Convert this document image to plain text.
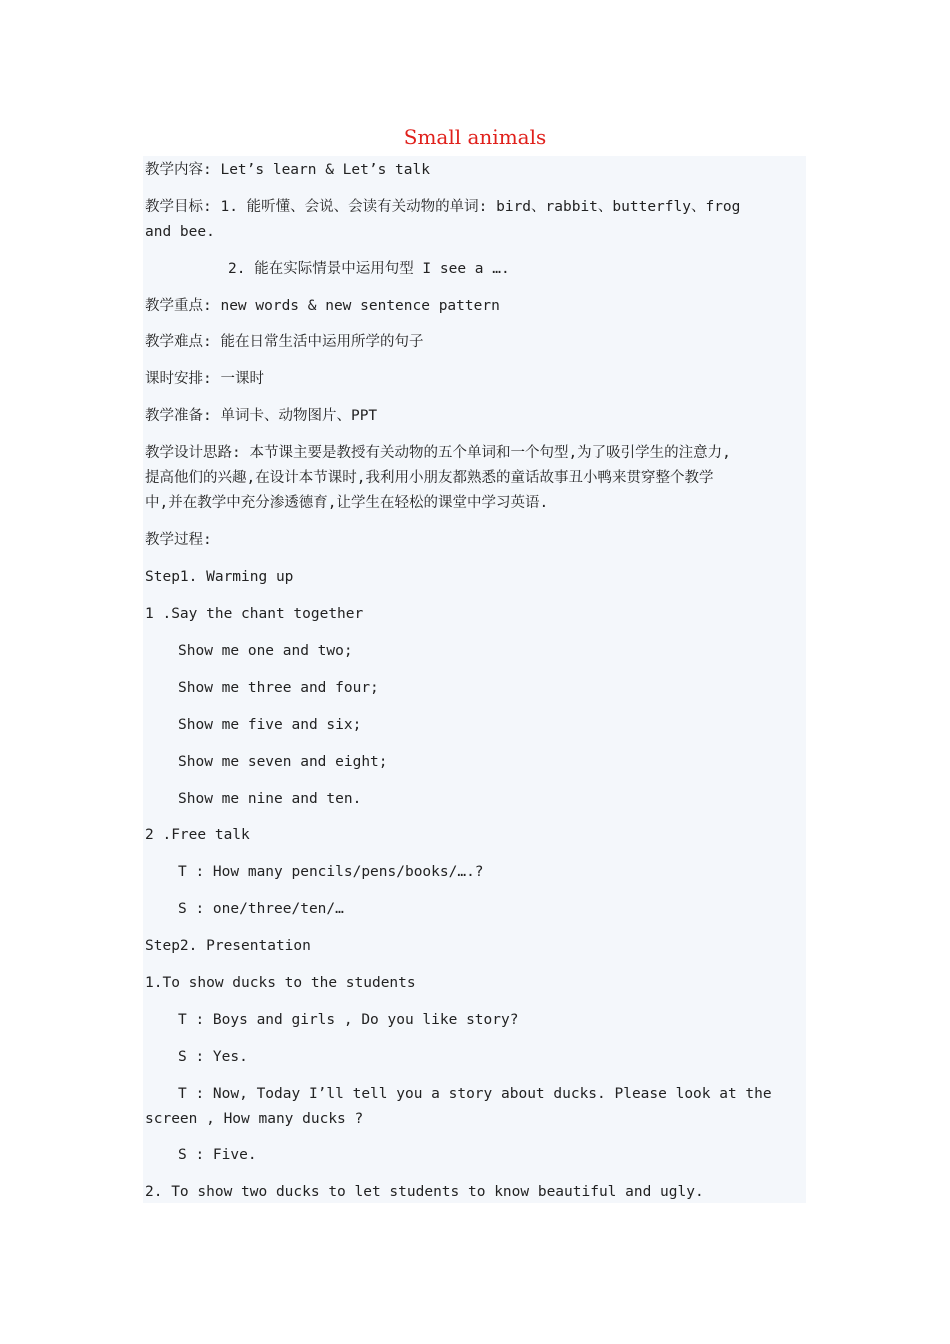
Small animals
教学内容: Let’s learn & Let’s talk
教学目标: 1. 能听懂、会说、会读有关动物的单词: bird、rabbit、butterfly、frog
and bee.
2. 能在实际情景中运用句型 I see a ….
教学重点: new words & new sentence pattern
教学难点: 能在日常生活中运用所学的句子
课时安排: 一课时
教学准备: 单词卡、动物图片、PPT
教学设计思路: 本节课主要是教授有关动物的五个单词和一个句型,为了吸引学生的注意力,
提高他们的兴趣,在设计本节课时,我利用小朋友都熟悉的童话故事丑小鸭来贯穿整个教学
中,并在教学中充分渗透德育,让学生在轻松的课堂中学习英语.
教学过程:
Step1. Warming up
1 .Say the chant together
Show me one and two;
Show me three and four;
Show me five and six;
Show me seven and eight;
Show me nine and ten.
2 .Free talk
T : How many pencils/pens/books/….?
S : one/three/ten/…
Step2. Presentation
1.To show ducks to the students
T : Boys and girls , Do you like story?
S : Yes.
T : Now, Today I’ll tell you a story about ducks. Please look at the
screen , How many ducks ?
S : Five.
2. To show two ducks to let students to know beautiful and ugly.
